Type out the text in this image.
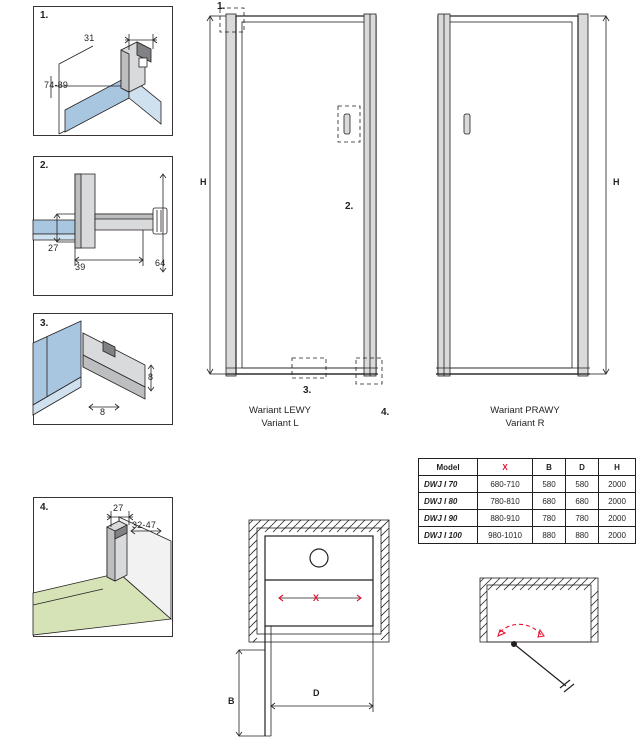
1.
31
74-89
2.
27
39	64
3.
8
8
4.	27
32-47
1.
2.
3.
4.
H
Wariant LEWY
Variant L
H
Wariant PRAWY
Variant R
Model	X	B	D	H
DWJ I 70	680-710	580	580	2000
DWJ I 80	780-810	680	680	2000
DWJ I 90	880-910	780	780	2000
DWJ I 100	980-1010	880	880	2000
X
B
D
